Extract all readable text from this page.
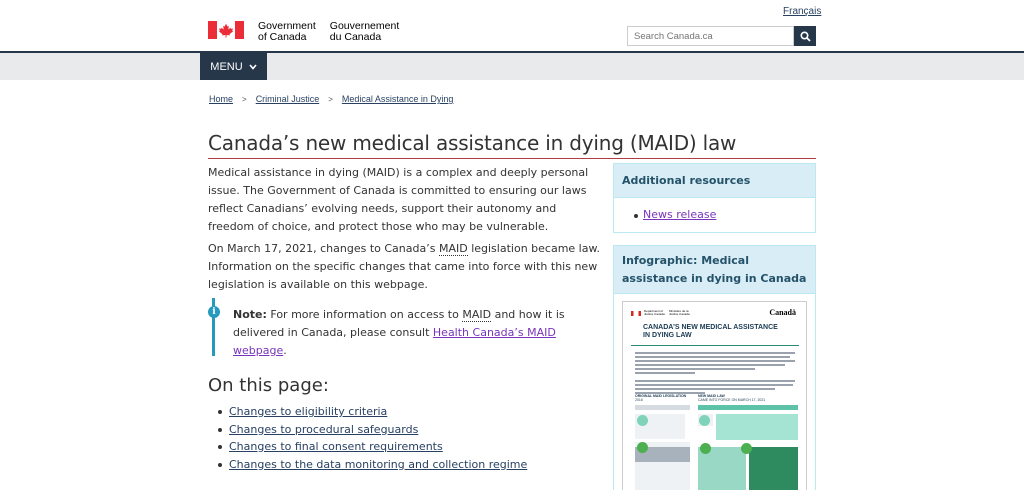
Français
Government
of Canada
Gouvernement
du Canada
Search Canada.ca
MENU
Home > Criminal Justice > Medical Assistance in Dying
Canada’s new medical assistance in dying (MAID) law

Medical assistance in dying (MAID) is a complex and deeply personal issue. The Government of Canada is committed to ensuring our laws reflect Canadians’ evolving needs, support their autonomy and freedom of choice, and protect those who may be vulnerable.

On March 17, 2021, changes to Canada’s MAID legislation became law. Information on the specific changes that came into force with this new legislation is available on this webpage.

i	Note: For more information on access to MAID and how it is delivered in Canada, please consult Health Canada’s MAID webpage.
On this page:
Changes to eligibility criteria
Changes to procedural safeguards
Changes to final consent requirements
Changes to the data monitoring and collection regime
Additional resources
News release
Infographic: Medical assistance in dying in Canada
Department of Justice Canada
Ministère de la Justice Canada	Canadä
CANADA’S NEW MEDICAL ASSISTANCE
IN DYING LAW
ORIGINAL MAID LEGISLATION
2016
NEW MAID LAW
CAME INTO FORCE ON MARCH 17, 2021
